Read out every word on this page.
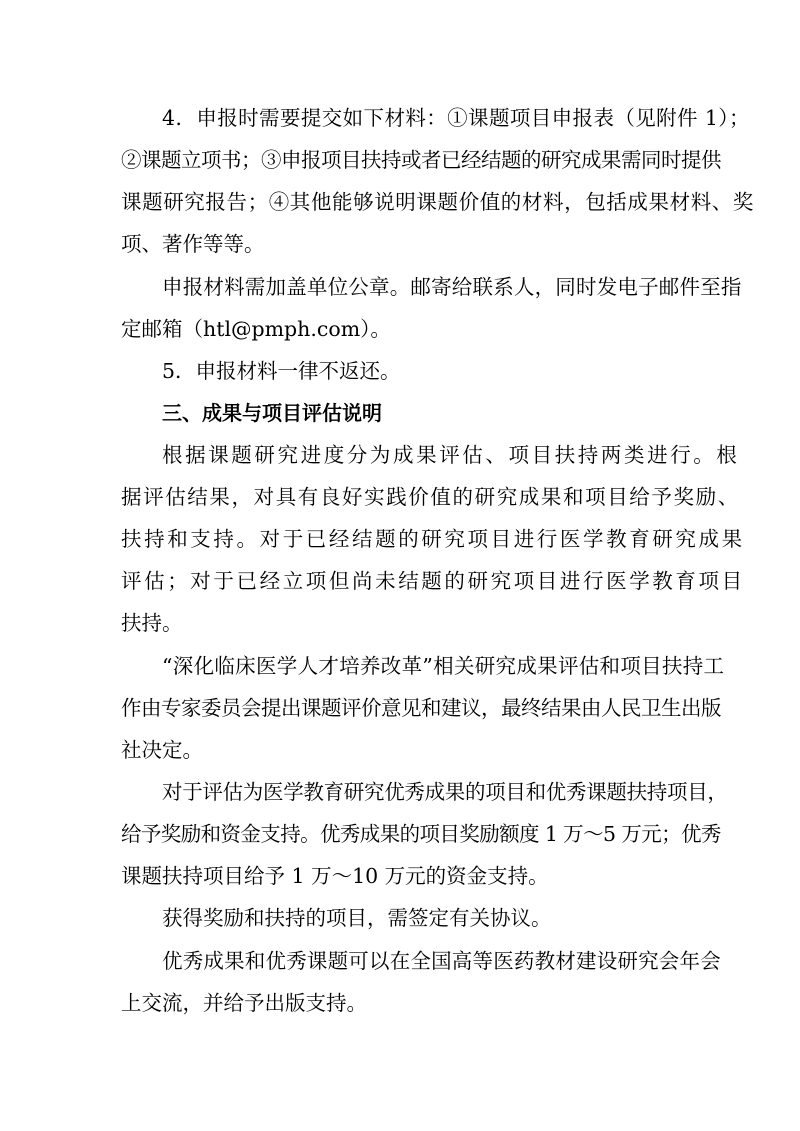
4．申报时需要提交如下材料：①课题项目申报表（见附件 1）；
②课题立项书；③申报项目扶持或者已经结题的研究成果需同时提供
课题研究报告；④其他能够说明课题价值的材料，包括成果材料、奖
项、著作等等。
申报材料需加盖单位公章。邮寄给联系人，同时发电子邮件至指
定邮箱（htl@pmph.com）。
5．申报材料一律不返还。
三、成果与项目评估说明
根据课题研究进度分为成果评估、项目扶持两类进行。根
据评估结果，对具有良好实践价值的研究成果和项目给予奖励、
扶持和支持。对于已经结题的研究项目进行医学教育研究成果
评估；对于已经立项但尚未结题的研究项目进行医学教育项目
扶持。
“深化临床医学人才培养改革”相关研究成果评估和项目扶持工
作由专家委员会提出课题评价意见和建议，最终结果由人民卫生出版
社决定。
对于评估为医学教育研究优秀成果的项目和优秀课题扶持项目，
给予奖励和资金支持。优秀成果的项目奖励额度 1 万～5 万元；优秀
课题扶持项目给予 1 万～10 万元的资金支持。
获得奖励和扶持的项目，需签定有关协议。
优秀成果和优秀课题可以在全国高等医药教材建设研究会年会
上交流，并给予出版支持。
